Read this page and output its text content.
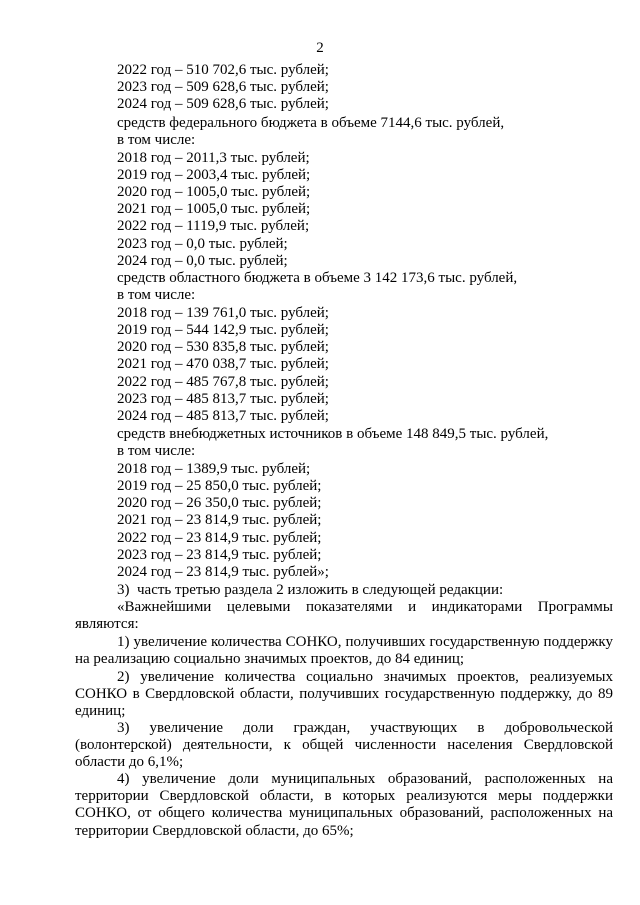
2
2022 год – 510 702,6 тыс. рублей;
2023 год – 509 628,6 тыс. рублей;
2024 год – 509 628,6 тыс. рублей;
средств федерального бюджета в объеме 7144,6 тыс. рублей,
в том числе:
2018 год – 2011,3 тыс. рублей;
2019 год – 2003,4 тыс. рублей;
2020 год – 1005,0 тыс. рублей;
2021 год – 1005,0 тыс. рублей;
2022 год – 1119,9 тыс. рублей;
2023 год – 0,0 тыс. рублей;
2024 год – 0,0 тыс. рублей;
средств областного бюджета в объеме 3 142 173,6 тыс. рублей,
в том числе:
2018 год – 139 761,0 тыс. рублей;
2019 год – 544 142,9 тыс. рублей;
2020 год – 530 835,8 тыс. рублей;
2021 год – 470 038,7 тыс. рублей;
2022 год – 485 767,8 тыс. рублей;
2023 год – 485 813,7 тыс. рублей;
2024 год – 485 813,7 тыс. рублей;
средств внебюджетных источников в объеме 148 849,5 тыс. рублей,
в том числе:
2018 год – 1389,9 тыс. рублей;
2019 год – 25 850,0 тыс. рублей;
2020 год – 26 350,0 тыс. рублей;
2021 год – 23 814,9 тыс. рублей;
2022 год – 23 814,9 тыс. рублей;
2023 год – 23 814,9 тыс. рублей;
2024 год – 23 814,9 тыс. рублей»;
3)  часть третью раздела 2 изложить в следующей редакции:
«Важнейшими целевыми показателями и индикаторами Программы являются:
1) увеличение количества СОНКО, получивших государственную поддержку на реализацию социально значимых проектов, до 84 единиц;
2) увеличение количества социально значимых проектов, реализуемых СОНКО в Свердловской области, получивших государственную поддержку, до 89 единиц;
3) увеличение доли граждан, участвующих в добровольческой (волонтерской) деятельности, к общей численности населения Свердловской области до 6,1%;
4) увеличение доли муниципальных образований, расположенных на территории Свердловской области, в которых реализуются меры поддержки СОНКО, от общего количества муниципальных образований, расположенных на территории Свердловской области, до 65%;
